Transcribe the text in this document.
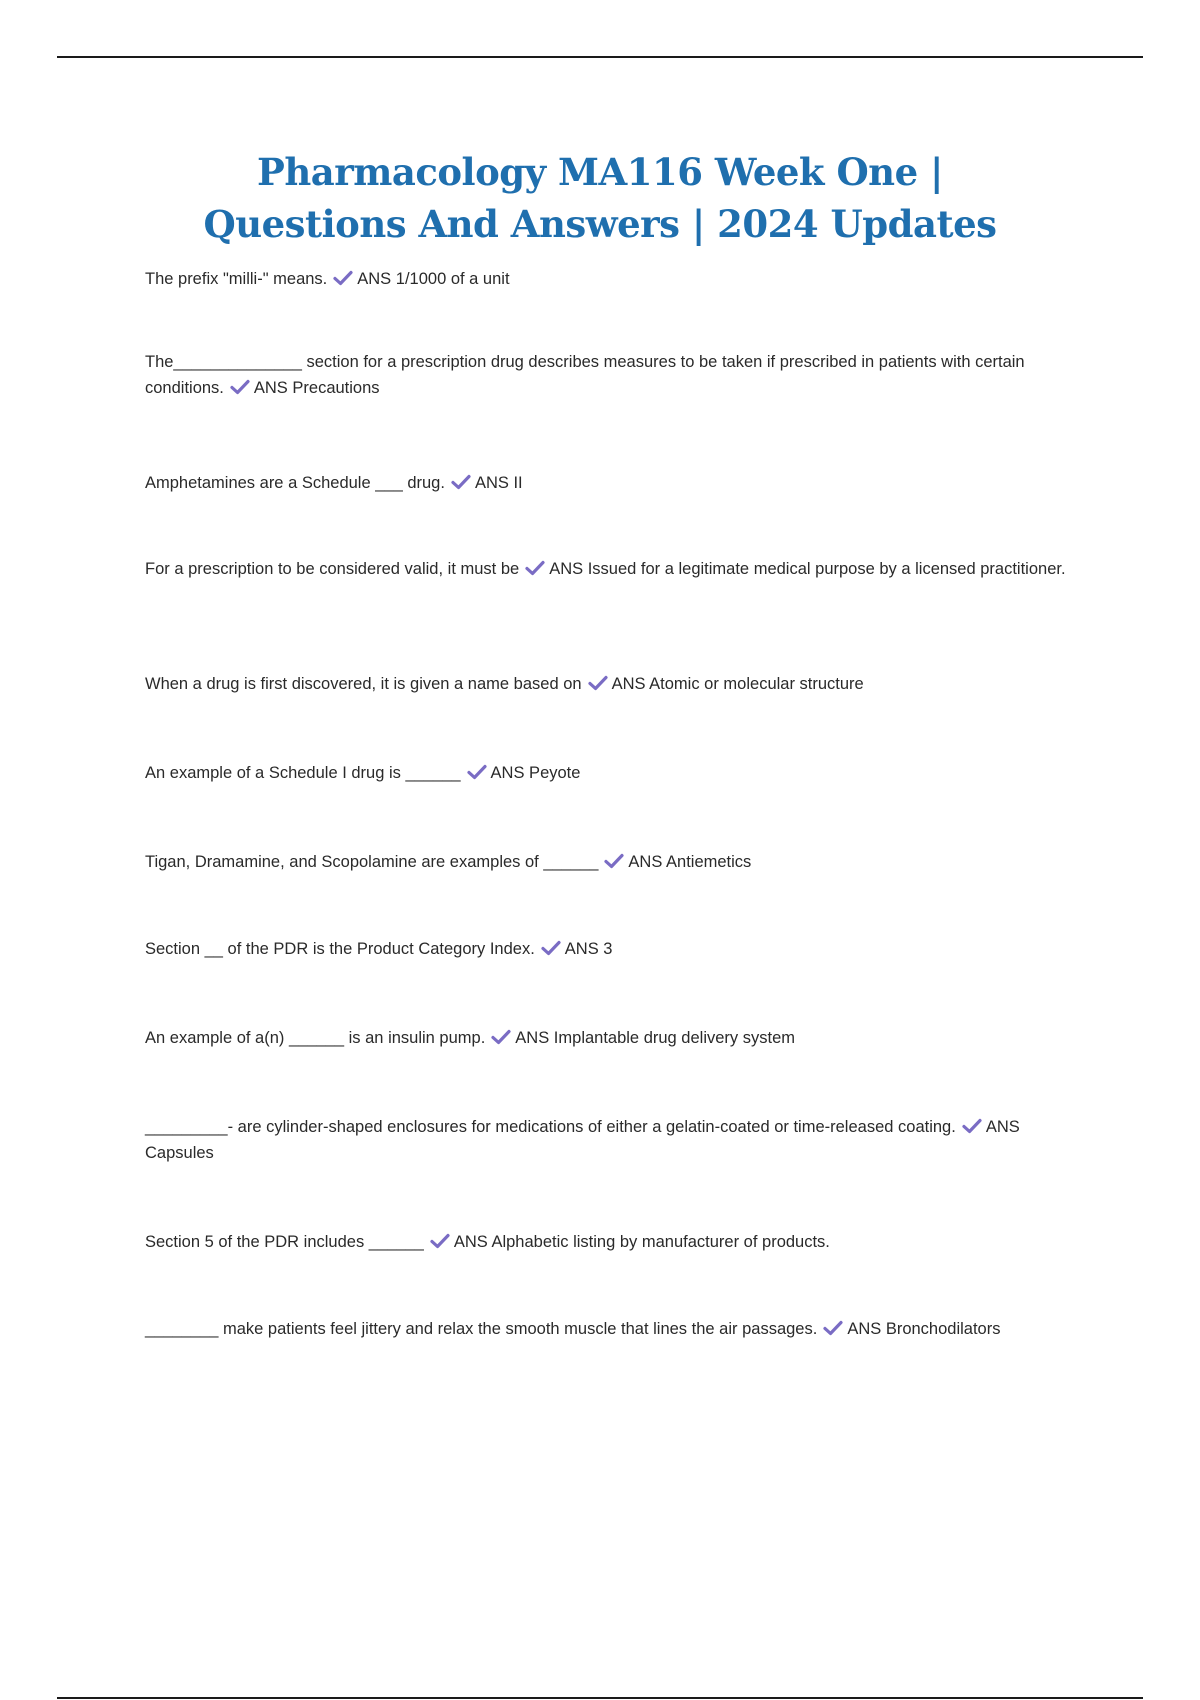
Pharmacology MA116 Week One | Questions And Answers | 2024 Updates
The prefix "milli-" means. ANS 1/1000 of a unit
The______________ section for a prescription drug describes measures to be taken if prescribed in patients with certain conditions. ANS Precautions
Amphetamines are a Schedule ___ drug. ANS II
For a prescription to be considered valid, it must be ANS Issued for a legitimate medical purpose by a licensed practitioner.
When a drug is first discovered, it is given a name based on ANS Atomic or molecular structure
An example of a Schedule I drug is ______ ANS Peyote
Tigan, Dramamine, and Scopolamine are examples of ______ ANS Antiemetics
Section __ of the PDR is the Product Category Index. ANS 3
An example of a(n) ______ is an insulin pump. ANS Implantable drug delivery system
_________- are cylinder-shaped enclosures for medications of either a gelatin-coated or time-released coating. ANS Capsules
Section 5 of the PDR includes ______ ANS Alphabetic listing by manufacturer of products.
________ make patients feel jittery and relax the smooth muscle that lines the air passages. ANS Bronchodilators
